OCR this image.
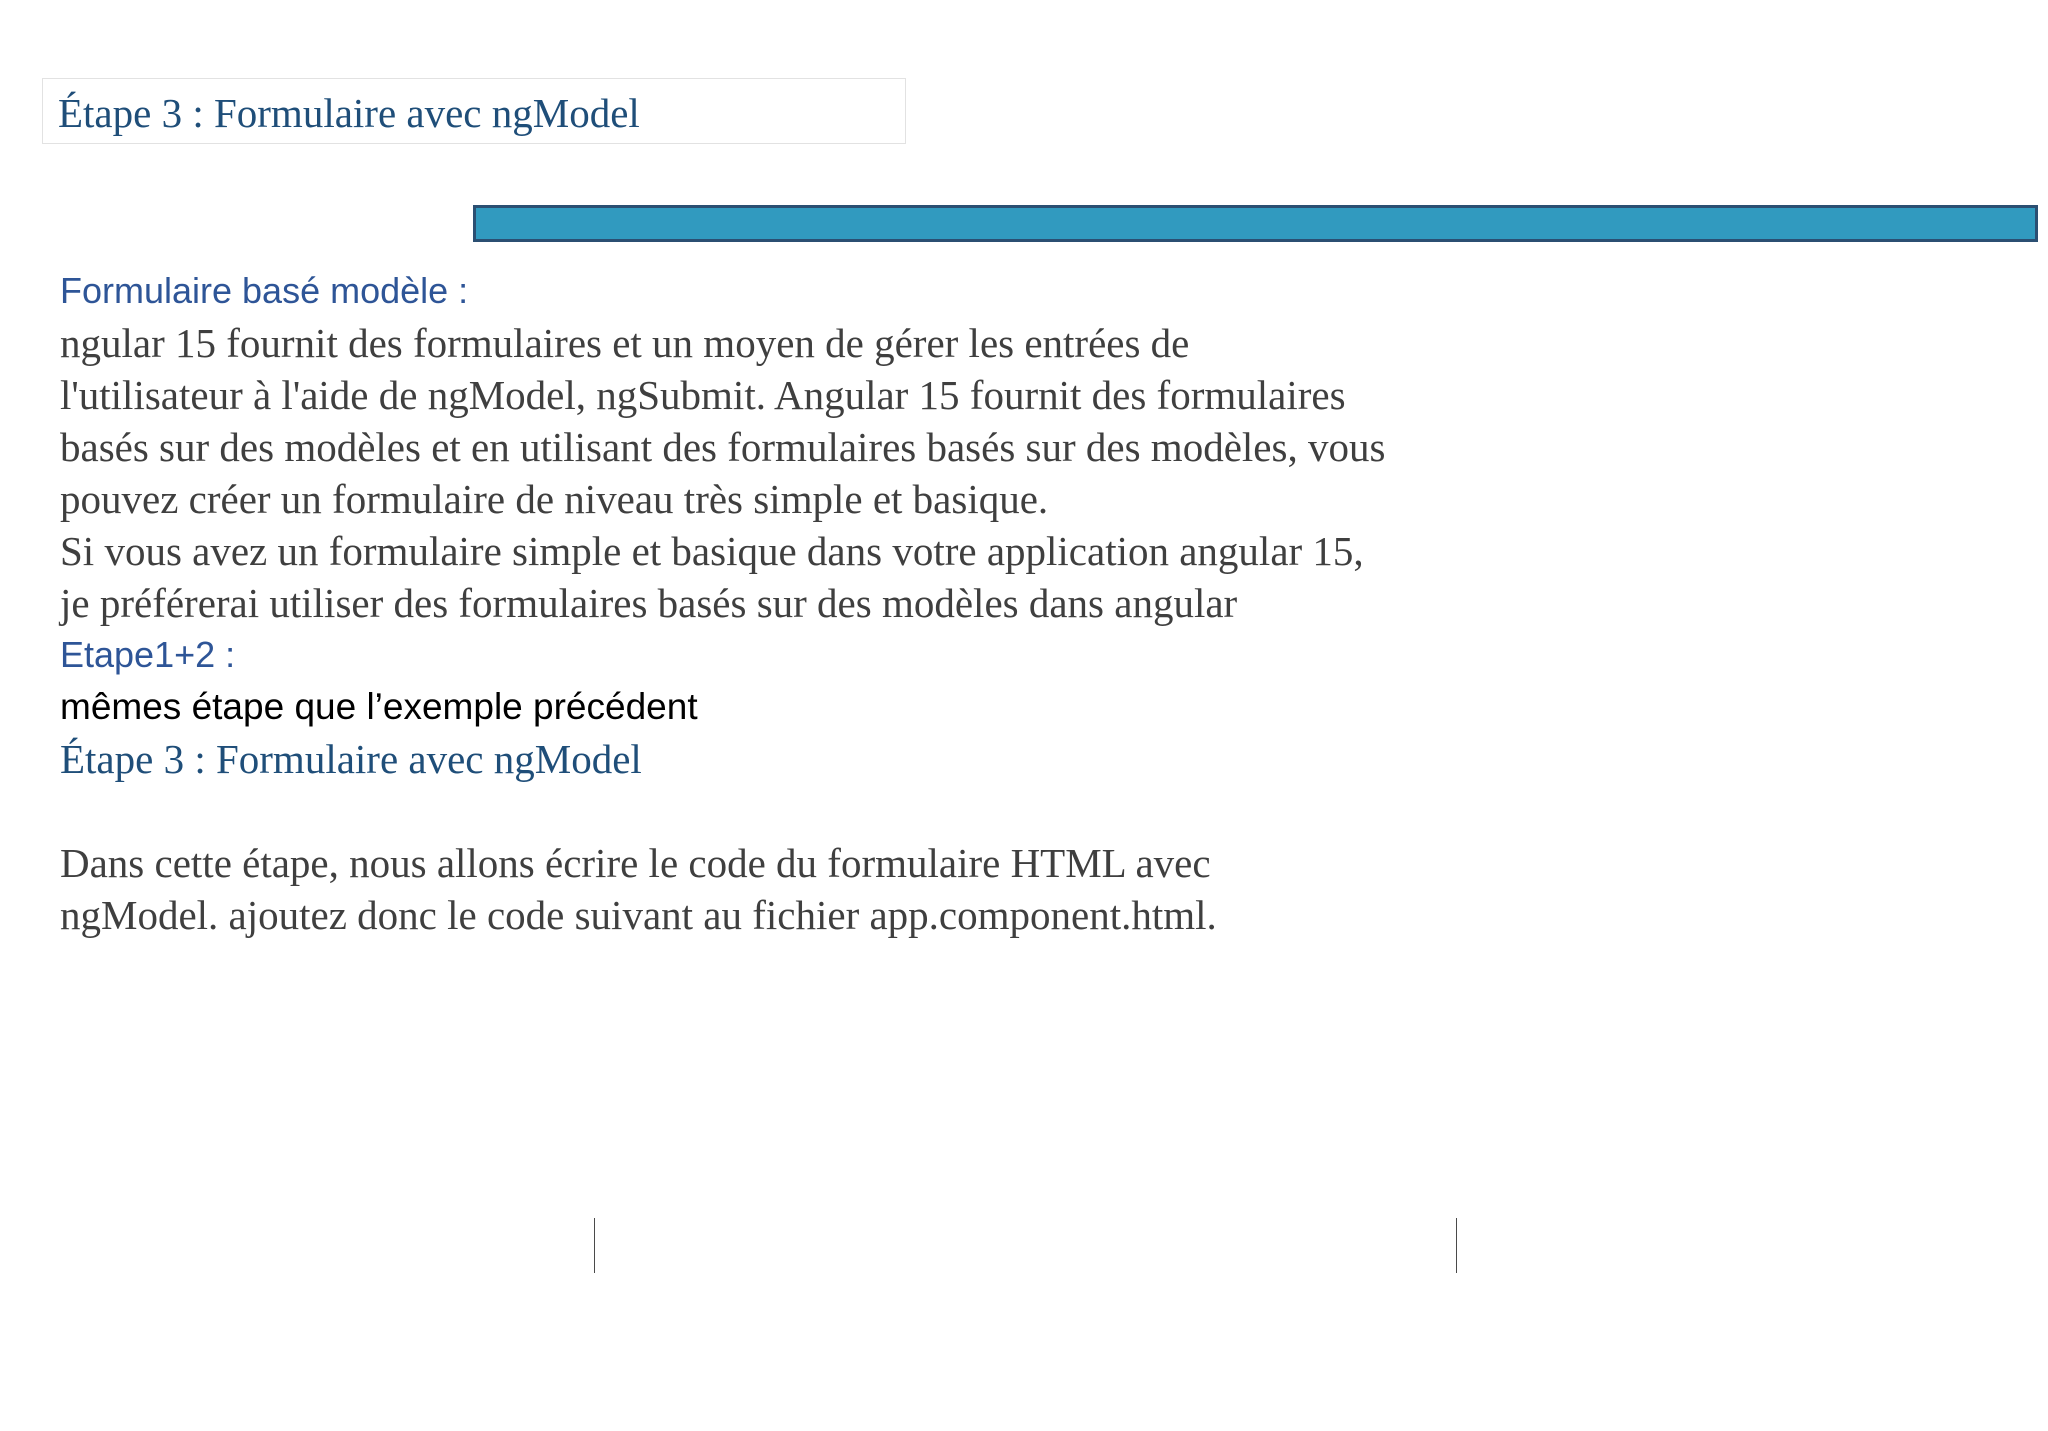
Étape 3 : Formulaire avec ngModel
Formulaire basé modèle :
ngular 15 fournit des formulaires et un moyen de gérer les entrées de
l'utilisateur à l'aide de ngModel, ngSubmit. Angular 15 fournit des formulaires
basés sur des modèles et en utilisant des formulaires basés sur des modèles, vous
pouvez créer un formulaire de niveau très simple et basique.
Si vous avez un formulaire simple et basique dans votre application angular 15,
je préférerai utiliser des formulaires basés sur des modèles dans angular
Etape1+2 :
mêmes étape que l’exemple précédent
Étape 3 : Formulaire avec ngModel
Dans cette étape, nous allons écrire le code du formulaire HTML avec
ngModel. ajoutez donc le code suivant au fichier app.component.html.
